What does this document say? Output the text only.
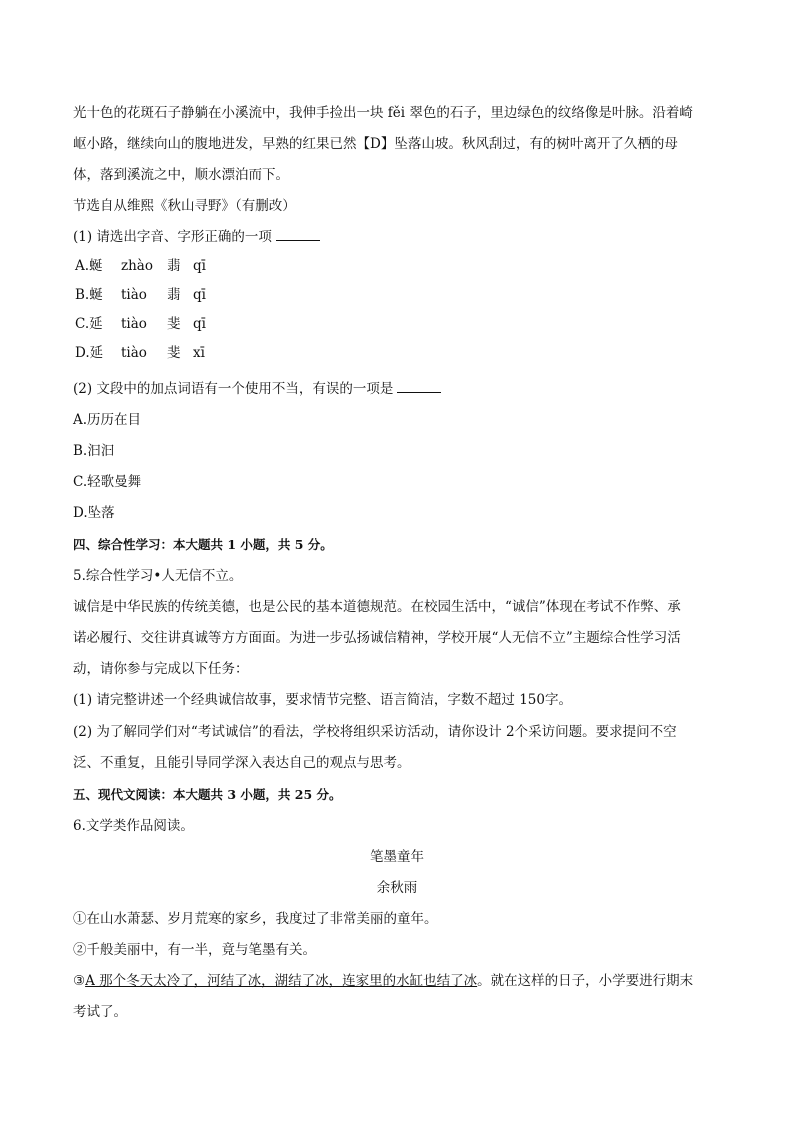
光十色的花斑石子静躺在小溪流中，我伸手捡出一块 fěi 翠色的石子，里边绿色的纹络像是叶脉。沿着崎
岖小路，继续向山的腹地进发，早熟的红果已然【D】坠落山坡。秋风刮过，有的树叶离开了久栖的母
体，落到溪流之中，顺水漂泊而下。
节选自从维熙《秋山寻野》（有删改）
(1) 请选出字音、字形正确的一项
A.蜒 zhào 翡 qī
B.蜒 tiào 翡 qī
C.延 tiào 斐 qī
D.延 tiào 斐 xī
(2) 文段中的加点词语有一个使用不当，有误的一项是
A.历历在目
B.汩汩
C.轻歌曼舞
D.坠落
四、综合性学习：本大题共 1 小题，共 5 分。
5.综合性学习•人无信不立。
诚信是中华民族的传统美德，也是公民的基本道德规范。在校园生活中，“诚信”体现在考试不作弊、承
诺必履行、交往讲真诚等方方面面。为进一步弘扬诚信精神，学校开展“人无信不立”主题综合性学习活
动，请你参与完成以下任务：
(1) 请完整讲述一个经典诚信故事，要求情节完整、语言简洁，字数不超过 150字。
(2) 为了解同学们对“考试诚信”的看法，学校将组织采访活动，请你设计 2个采访问题。要求提问不空
泛、不重复，且能引导同学深入表达自己的观点与思考。
五、现代文阅读：本大题共 3 小题，共 25 分。
6.文学类作品阅读。
笔墨童年
余秋雨
①在山水萧瑟、岁月荒寒的家乡，我度过了非常美丽的童年。
②千般美丽中，有一半，竟与笔墨有关。
③A 那个冬天太冷了，河结了冰，湖结了冰，连家里的水缸也结了冰。就在这样的日子，小学要进行期末
考试了。
